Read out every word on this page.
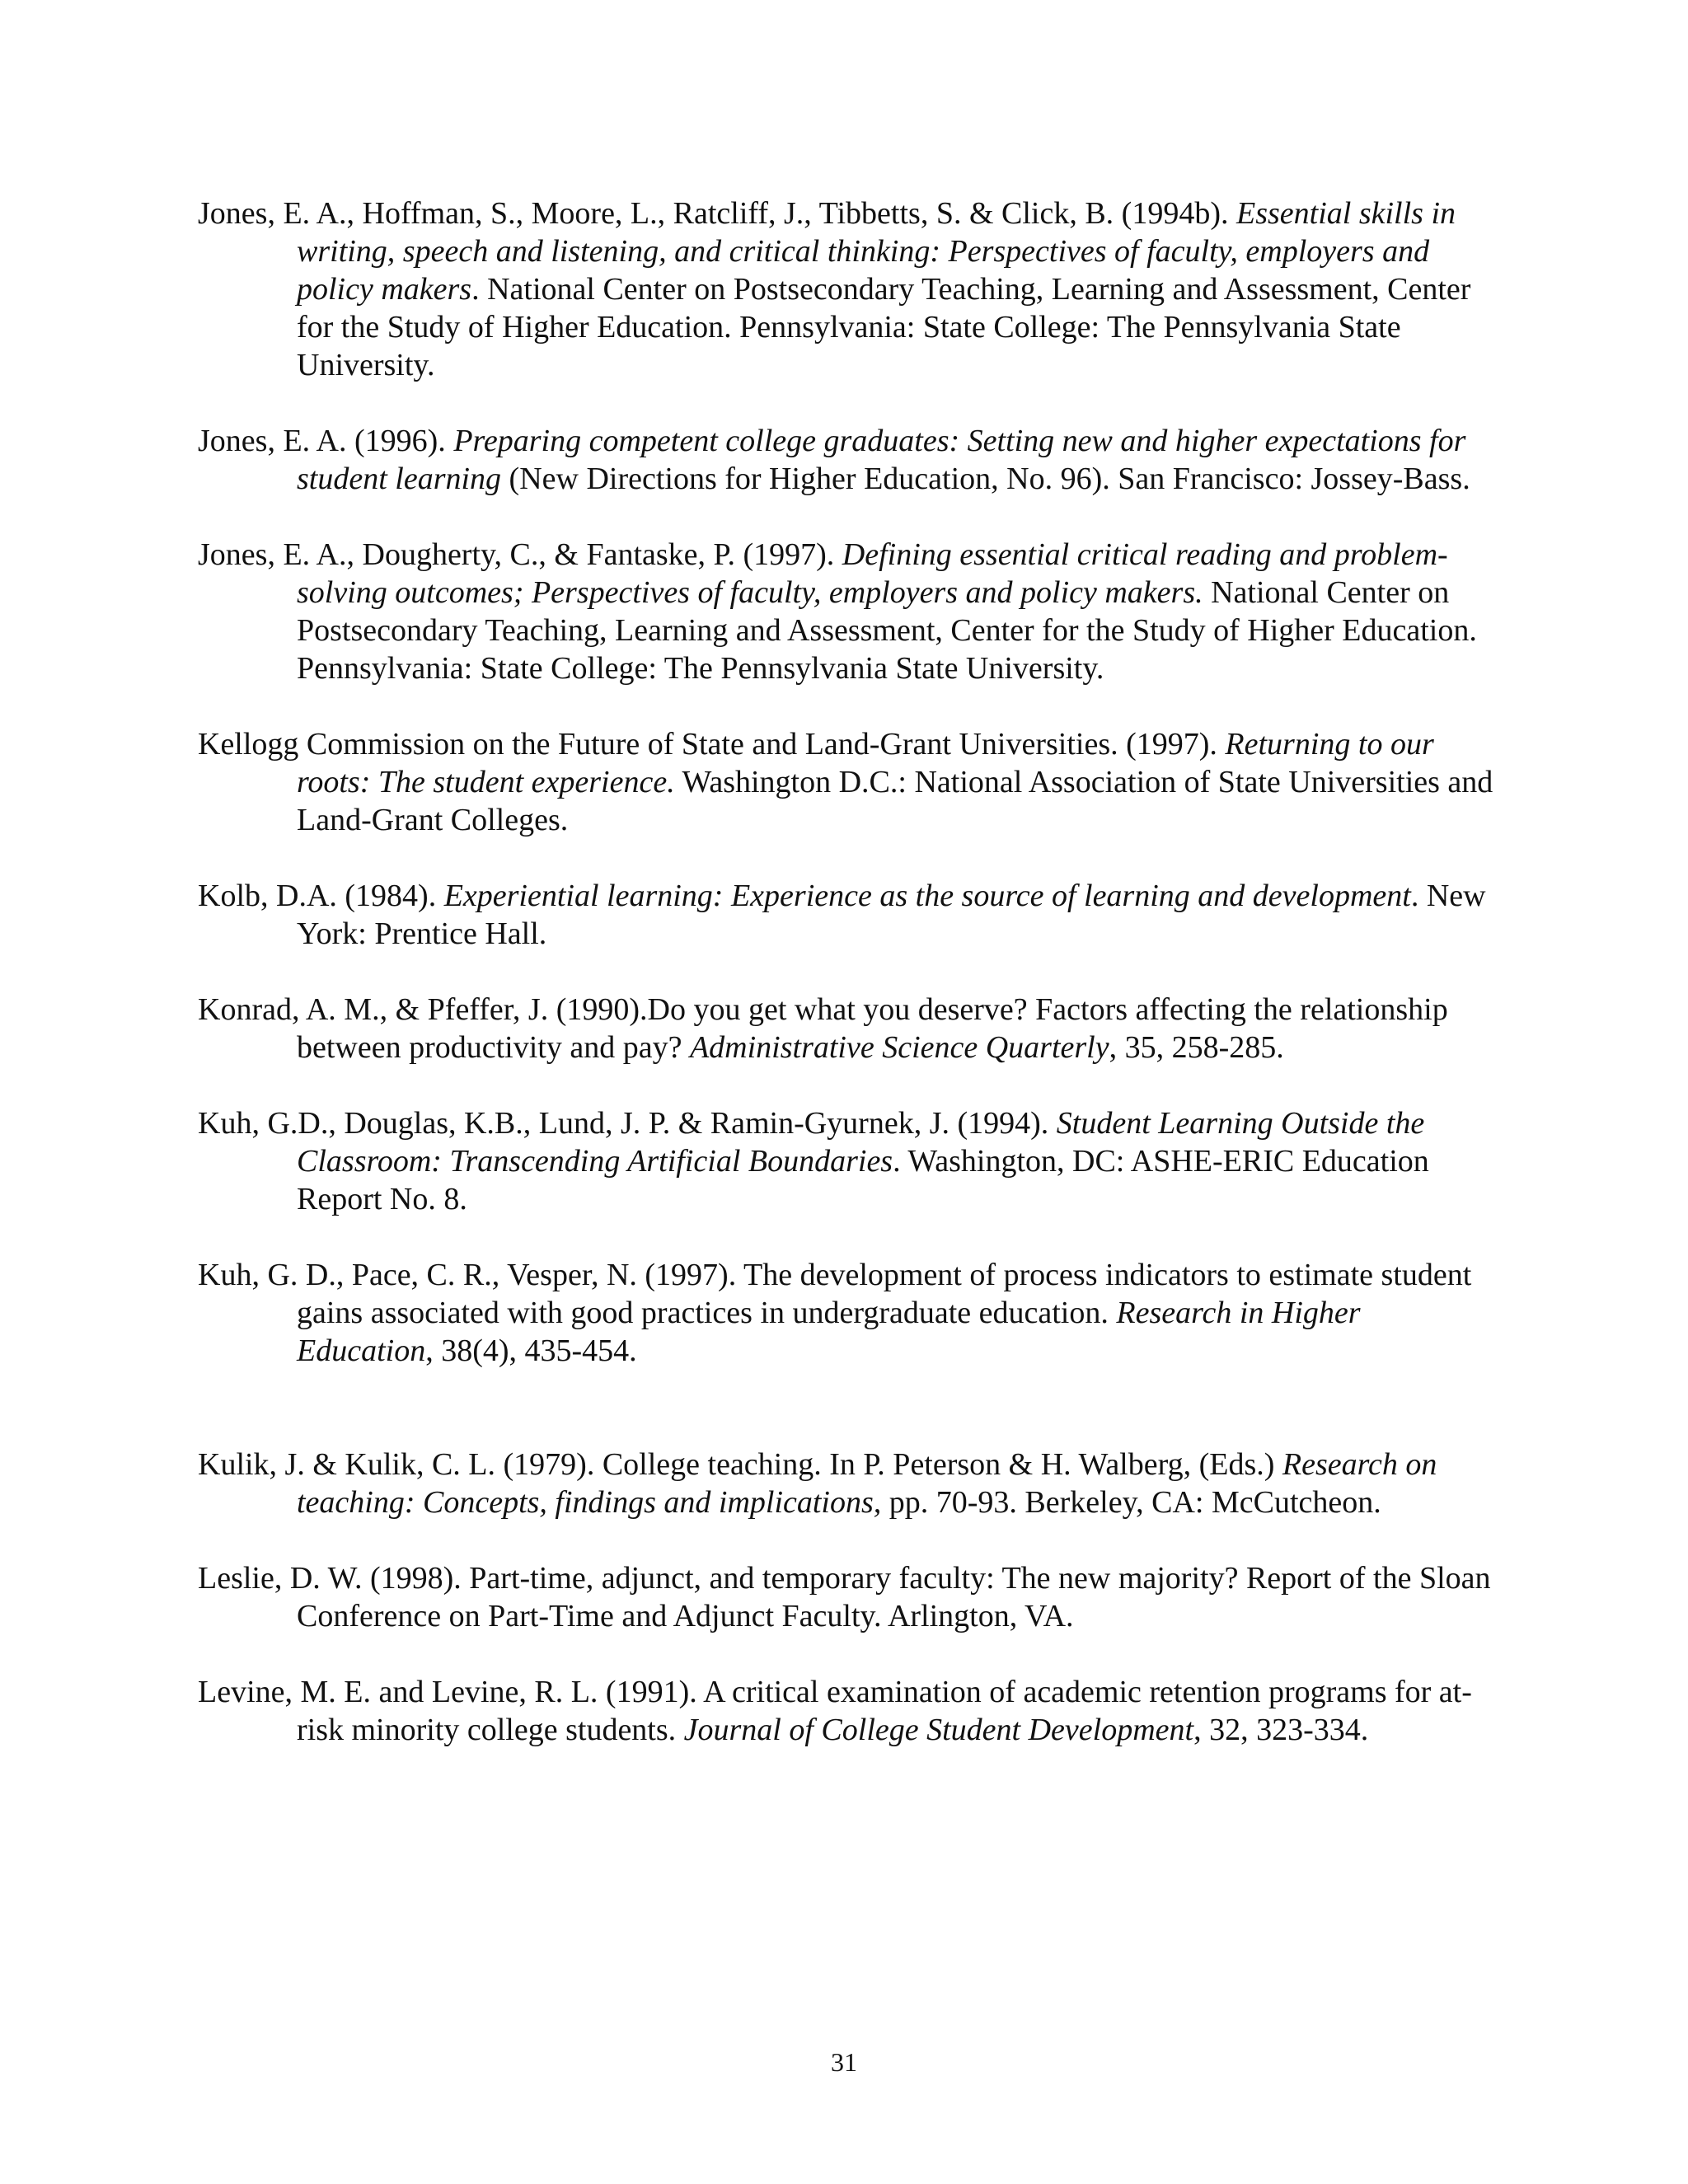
Jones, E. A., Hoffman, S., Moore, L., Ratcliff, J., Tibbetts, S. & Click, B. (1994b). Essential skills in writing, speech and listening, and critical thinking: Perspectives of faculty, employers and policy makers. National Center on Postsecondary Teaching, Learning and Assessment, Center for the Study of Higher Education. Pennsylvania: State College: The Pennsylvania State University.

Jones, E. A. (1996). Preparing competent college graduates: Setting new and higher expectations for student learning (New Directions for Higher Education, No. 96). San Francisco: Jossey-Bass.

Jones, E. A., Dougherty, C., & Fantaske, P. (1997). Defining essential critical reading and problem-solving outcomes; Perspectives of faculty, employers and policy makers. National Center on Postsecondary Teaching, Learning and Assessment, Center for the Study of Higher Education. Pennsylvania: State College: The Pennsylvania State University.

Kellogg Commission on the Future of State and Land-Grant Universities. (1997). Returning to our roots: The student experience. Washington D.C.: National Association of State Universities and Land-Grant Colleges.

Kolb, D.A. (1984). Experiential learning: Experience as the source of learning and development. New York: Prentice Hall.

Konrad, A. M., & Pfeffer, J. (1990).Do you get what you deserve? Factors affecting the relationship between productivity and pay? Administrative Science Quarterly, 35, 258-285.

Kuh, G.D., Douglas, K.B., Lund, J. P. & Ramin-Gyurnek, J. (1994). Student Learning Outside the Classroom: Transcending Artificial Boundaries. Washington, DC: ASHE-ERIC Education Report No. 8.

Kuh, G. D., Pace, C. R., Vesper, N. (1997). The development of process indicators to estimate student gains associated with good practices in undergraduate education. Research in Higher Education, 38(4), 435-454.

Kulik, J. & Kulik, C. L. (1979). College teaching. In P. Peterson & H. Walberg, (Eds.) Research on teaching: Concepts, findings and implications, pp. 70-93. Berkeley, CA: McCutcheon.

Leslie, D. W. (1998). Part-time, adjunct, and temporary faculty: The new majority? Report of the Sloan Conference on Part-Time and Adjunct Faculty. Arlington, VA.

Levine, M. E. and Levine, R. L. (1991). A critical examination of academic retention programs for at-risk minority college students. Journal of College Student Development, 32, 323-334.

31
